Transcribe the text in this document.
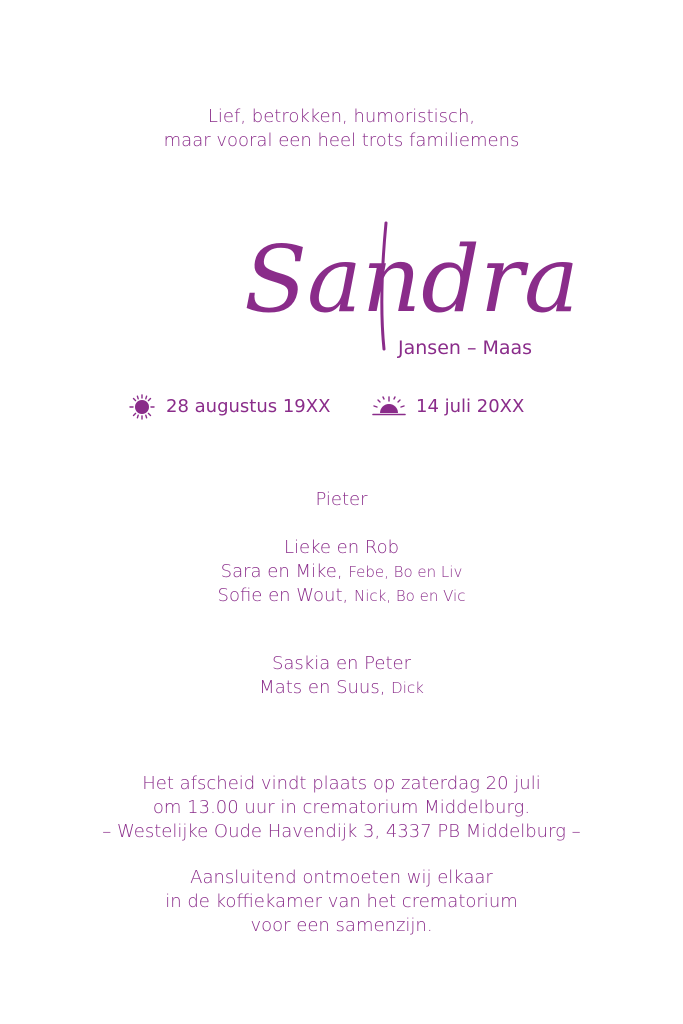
Lief, betrokken, humoristisch,
maar vooral een heel trots familiemens
Sandra
Jansen – Maas
28 augustus 19XX	14 juli 20XX
Pieter
Lieke en Rob
Sara en Mike, Febe, Bo en Liv
Sofie en Wout, Nick, Bo en Vic
Saskia en Peter
Mats en Suus, Dick
Het afscheid vindt plaats op zaterdag 20 juli
om 13.00 uur in crematorium Middelburg.
– Westelijke Oude Havendijk 3, 4337 PB Middelburg –
Aansluitend ontmoeten wij elkaar
in de koffiekamer van het crematorium
voor een samenzijn.
